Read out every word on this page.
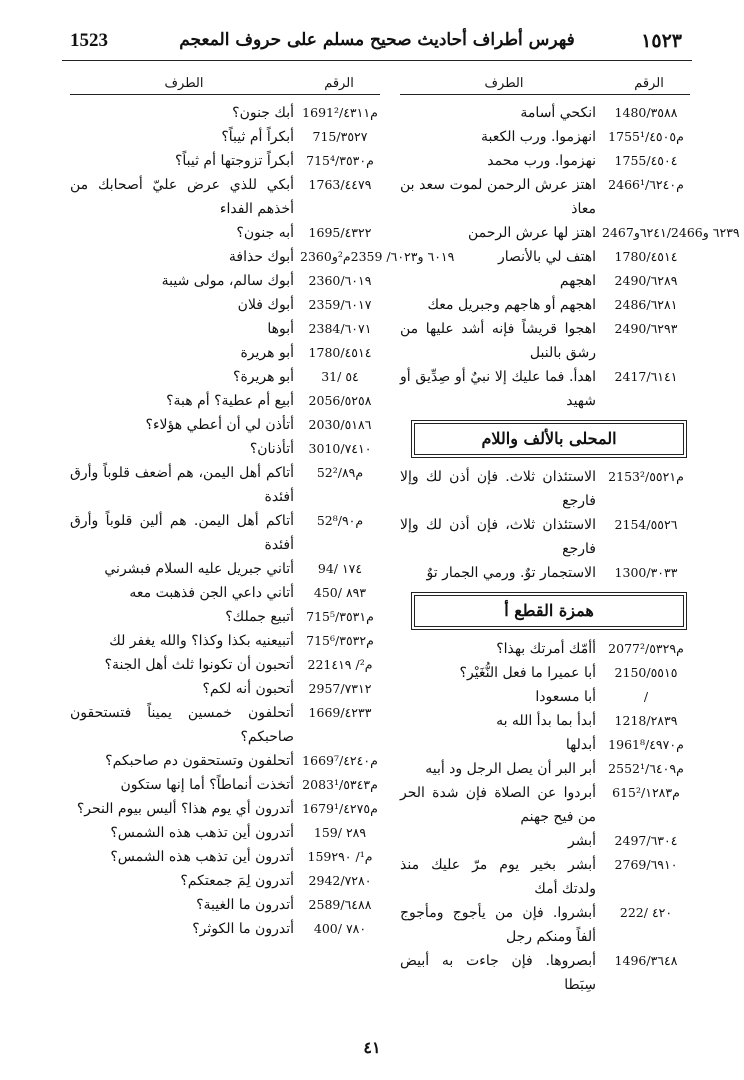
1523	فهرس أطراف أحاديث صحيح مسلم على حروف المعجم	١٥٢٣
الرقم
الطرف
1480/٣٥٨٨
انكحي أسامة
1755م¹/٤٥٠٥
انهزموا. ورب الكعبة
1755/٤٥٠٤
نهزموا. ورب محمد
2466م¹/٦٢٤٠
اهتز عرش الرحمن لموت سعد بن معاذ
٦٢٣٩ و٦٢٤١/2466و2467
اهتز لها عرش الرحمن
1780/٤٥١٤
اهتف لي بالأنصار
2490/٦٢٨٩
اهجهم
2486/٦٢٨١
اهجهم أو هاجهم وجبريل معك
2490/٦٢٩٣
اهجوا قريشاً فإنه أشد عليها من رشق بالنبل
2417/٦١٤١
اهدأ. فما عليك إلا نبيٌ أو صِدِّيق أو شهيد
المحلى بالألف واللام
2153م²/٥٥٢١
الاستئذان ثلاث. فإن أذن لك وإلا فارجع
2154/٥٥٢٦
الاستئذان ثلاث، فإن أذن لك وإلا فارجع
1300/٣٠٣٣
الاستجمار توٌ. ورمي الجمار توٌ
همزة القطع أ
2077م²/٥٣٢٩
أأمّك أمرتك بهذا؟
2150/٥٥١٥
أبا عميرا ما فعل النُّغَيْر؟
/
أبا مسعودا
1218/٢٨٣٩
أبدأ بما بدأ الله به
1961م⁸/٤٩٧٠
أبدلها
2552م¹/٦٤٠٩
أبر البر أن يصل الرجل ود أبيه
615م²/١٢٨٣
أبردوا عن الصلاة فإن شدة الحر من فيح جهنم
2497/٦٣٠٤
أبشر
2769/٦٩١٠
أبشر بخير يوم مرّ عليك منذ ولدتك أمك
222/ ٤٢٠
أبشروا. فإن من يأجوج ومأجوج ألفاً ومنكم رجل
1496/٣٦٤٨
أبصروها. فإن جاءت به أبيض سِبَطا
الرقم
الطرف
1691م²/٤٣١١
أبك جنون؟
715/٣٥٢٧
أبكراً أم ثيباً؟
715م⁴/٣٥٣٠
أبكراً تزوجتها أم ثيباً؟
1763/٤٤٧٩
أبكي للذي عرض عليّ أصحابك من أخذهم الفداء
1695/٤٣٢٢
أبه جنون؟
٦٠١٩ و٦٠٢٣/ 2359م²و2360
أبوك حذافة
2360/٦٠١٩
أبوك سالم، مولى شيبة
2359/٦٠١٧
أبوك فلان
2384/٦٠٧١
أبوها
1780/٤٥١٤
أبو هريرة
31/ ٥٤
أبو هريرة؟
2056/٥٢٥٨
أبيع أم عطية؟ أم هبة؟
2030/٥١٨٦
أتأذن لي أن أعطي هؤلاء؟
3010/٧٤١٠
أتأذنان؟
52م²/٨٩
أتاكم أهل اليمن، هم أضعف قلوباً وأرق أفئدة
52م⁸/٩٠
أتاكم أهل اليمن. هم ألين قلوباً وأرق أفئدة
94/ ١٧٤
أتاني جبريل عليه السلام فبشرني
450/ ٨٩٣
أتاني داعي الجن فذهبت معه
715م⁵/٣٥٣١
أتبيع جملك؟
715م⁶/٣٥٣٢
أتبيعنيه بكذا وكذا؟ والله يغفر لك
221م²/ ٤١٩
أتحبون أن تكونوا ثلث أهل الجنة؟
2957/٧٣١٢
أتحبون أنه لكم؟
1669/٤٢٣٣
أتحلفون خمسين يميناً فتستحقون صاحبكم؟
1669م⁷/٤٢٤٠
أتحلفون وتستحقون دم صاحبكم؟
2083م¹/٥٣٤٣
أتخذت أنماطاً؟ أما إنها ستكون
1679م¹/٤٢٧٥
أتدرون أي يوم هذا؟ أليس بيوم النحر؟
159/ ٢٨٩
أتدرون أين تذهب هذه الشمس؟
159م¹/ ٢٩٠
أتدرون أين تذهب هذه الشمس؟
2942/٧٢٨٠
أتدرون لِمَ جمعتكم؟
2589/٦٤٨٨
أتدرون ما الغيبة؟
400/ ٧٨٠
أتدرون ما الكوثر؟
٤١
